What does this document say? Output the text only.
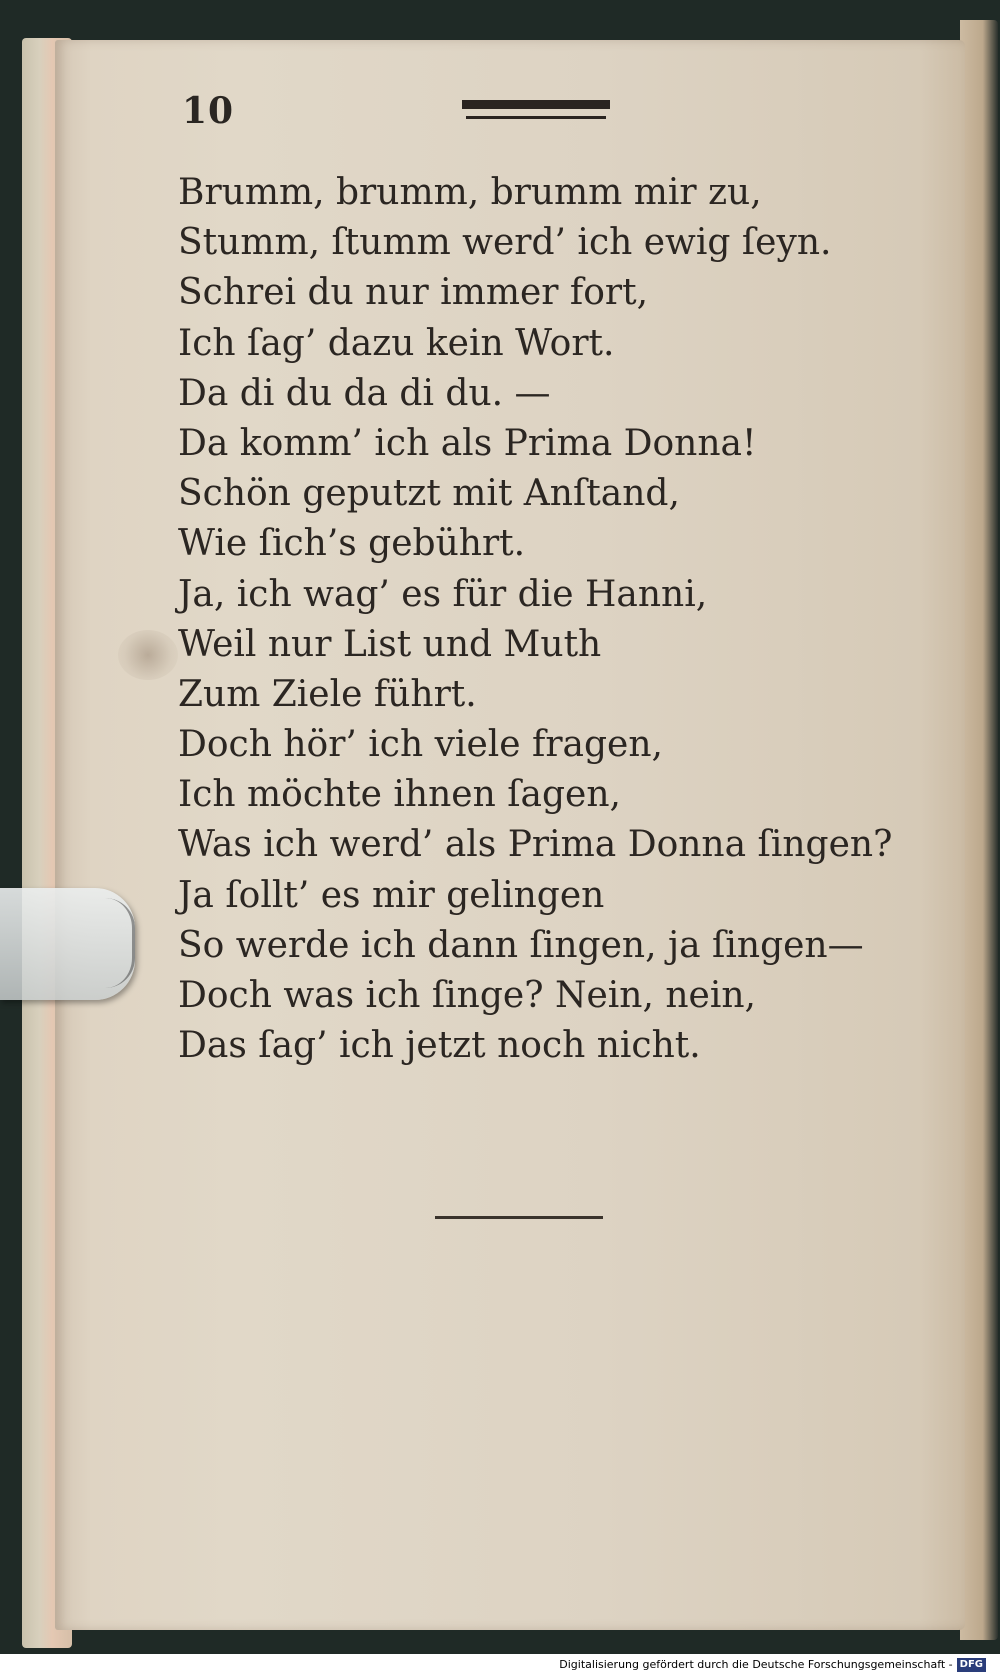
10
Brumm, brumm, brumm mir zu,
Stumm, ſtumm werd’ ich ewig ſeyn.
Schrei du nur immer fort,
Ich ſag’ dazu kein Wort.
Da di du da di du. —
Da komm’ ich als Prima Donna!
Schön geputzt mit Anſtand,
Wie ſich’s gebührt.
Ja, ich wag’ es für die Hanni,
Weil nur List und Muth
Zum Ziele führt.
Doch hör’ ich viele fragen,
Ich möchte ihnen ſagen,
Was ich werd’ als Prima Donna ſingen?
Ja ſollt’ es mir gelingen
So werde ich dann ſingen, ja ſingen—
Doch was ich ſinge? Nein, nein,
Das ſag’ ich jetzt noch nicht.
Digitalisierung gefördert durch die Deutsche Forschungsgemeinschaft - DFG
